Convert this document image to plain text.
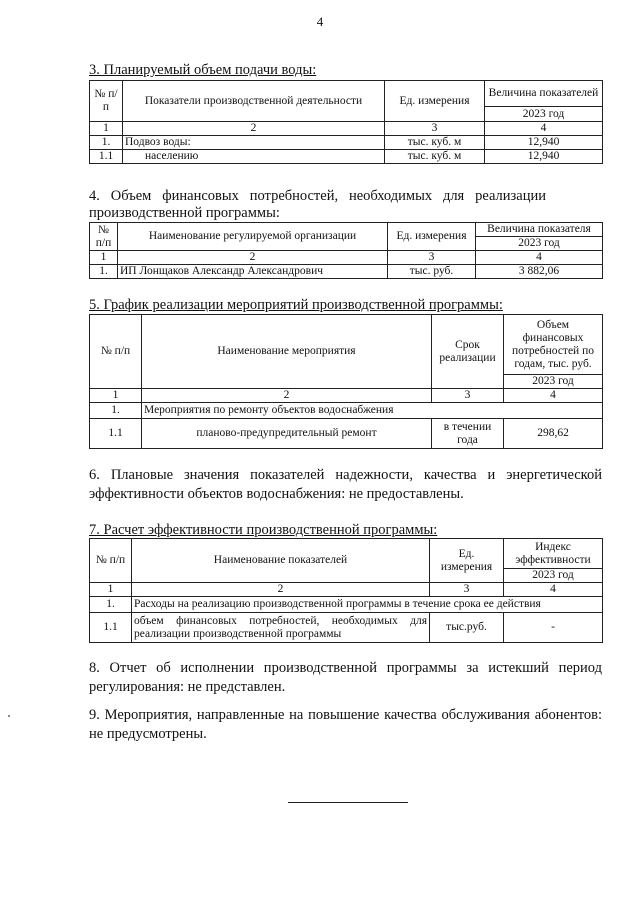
4
3. Планируемый объем подачи воды:
№ п/п	Показатели производственной деятельности	Ед. измерения	Величина показателей
			2023 год
1	2	3	4
1.	Подвоз воды:	тыс. куб. м	12,940
1.1	населению	тыс. куб. м	12,940
4.   Объем   финансовых   потребностей,   необходимых   для   реализации
производственной программы:
№ п/п	Наименование регулируемой организации	Ед. измерения	Величина показателя
			2023 год
1	2	3	4
1.	ИП Лонщаков Александр Александрович	тыс. руб.	3 882,06
5. График реализации мероприятий производственной программы:
№ п/п	Наименование мероприятия	Срок реализации	Объем финансовых потребностей по годам, тыс. руб.
			2023 год
1	2	3	4
1.	Мероприятия по ремонту объектов водоснабжения		
1.1	планово-предупредительный ремонт	в течении года	298,62
6. Плановые значения показателей надежности, качества и энергетической эффективности объектов водоснабжения: не предоставлены.
7. Расчет эффективности производственной программы:
№ п/п	Наименование показателей	Ед. измерения	Индекс эффективности
			2023 год
1	2	3	4
1.	Расходы на реализацию производственной программы в течение срока ее действия		
1.1	объем финансовых потребностей, необходимых для реализации производственной программы	тыс.руб.	-
8. Отчет об исполнении производственной программы за истекший период регулирования: не представлен.
9. Мероприятия, направленные на повышение качества обслуживания абонентов: не предусмотрены.
